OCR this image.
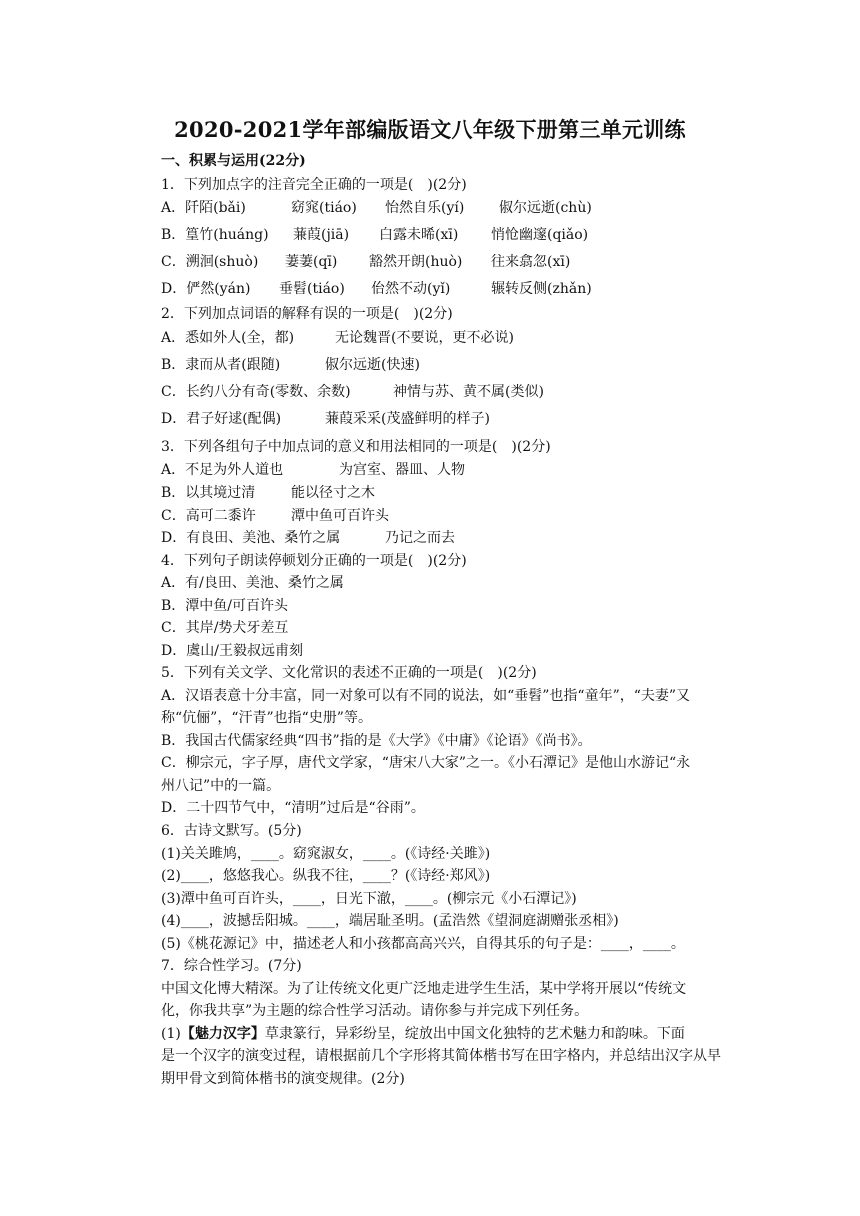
2020-2021学年部编版语文八年级下册第三单元训练
一、积累与运用(22分)
1．下列加点字的注音完全正确的一项是(　)(2分)
A．阡陌(bǎi)	窈窕(tiáo) 怡然自乐(yí) 俶尔远逝(chù)
B．篁竹(huáng) 蒹葭(jiā) 白露未晞(xī) 悄怆幽邃(qiǎo)
C．溯洄(shuò) 萋萋(qī) 豁然开朗(huò) 往来翕忽(xī)
D．俨然(yán) 垂髫(tiáo) 佁然不动(yǐ)	辗转反侧(zhǎn)
2．下列加点词语的解释有误的一项是(　)(2分)
A．悉如外人(全，都)	无论魏晋(不要说，更不必说)
B．隶而从者(跟随)	俶尔远逝(快速)
C．长约八分有奇(零数、余数)	神情与苏、黄不属(类似)
D．君子好逑(配偶)	蒹葭采采(茂盛鲜明的样子)
3．下列各组句子中加点词的意义和用法相同的一项是(　)(2分)
A．不足为外人道也	为宫室、器皿、人物
B．以其境过清	能以径寸之木
C．高可二黍许	潭中鱼可百许头
D．有良田、美池、桑竹之属	乃记之而去
4．下列句子朗读停顿划分正确的一项是(　)(2分)
A．有/良田、美池、桑竹之属
B．潭中鱼/可百许头
C．其岸/势犬牙差互
D．虞山/王毅叔远甫刻
5．下列有关文学、文化常识的表述不正确的一项是(　)(2分)
A．汉语表意十分丰富，同一对象可以有不同的说法，如“垂髫”也指“童年”，“夫妻”又
称“伉俪”，“汗青”也指“史册”等。
B．我国古代儒家经典“四书”指的是《大学》《中庸》《论语》《尚书》。
C．柳宗元，字子厚，唐代文学家，“唐宋八大家”之一。《小石潭记》是他山水游记“永
州八记”中的一篇。
D．二十四节气中，“清明”过后是“谷雨”。
6．古诗文默写。(5分)
(1)关关雎鸠，____。窈窕淑女，____。(《诗经·关雎》)
(2)____，悠悠我心。纵我不往，____？(《诗经·郑风》)
(3)潭中鱼可百许头，____，日光下澈，____。(柳宗元《小石潭记》)
(4)____，波撼岳阳城。____，端居耻圣明。(孟浩然《望洞庭湖赠张丞相》)
(5)《桃花源记》中，描述老人和小孩都高高兴兴，自得其乐的句子是：____，____。
7．综合性学习。(7分)
中国文化博大精深。为了让传统文化更广泛地走进学生生活，某中学将开展以“传统文
化，你我共享”为主题的综合性学习活动。请你参与并完成下列任务。
(1)【魅力汉字】草隶篆行，异彩纷呈，绽放出中国文化独特的艺术魅力和韵味。下面
是一个汉字的演变过程，请根据前几个字形将其简体楷书写在田字格内，并总结出汉字从早
期甲骨文到简体楷书的演变规律。(2分)
